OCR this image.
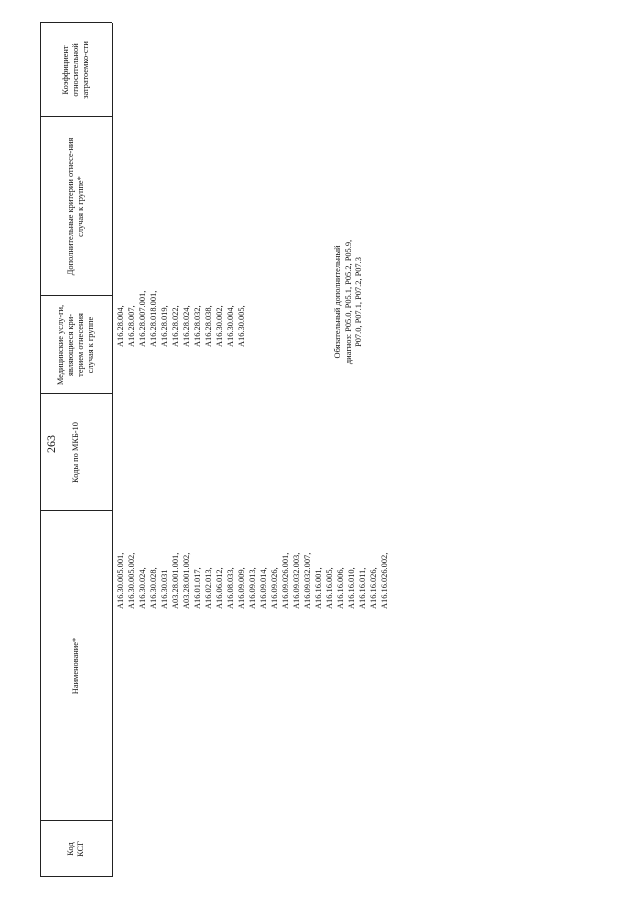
263
Код КСГ
Наименование*
Коды по МКБ-10
Медицинские услу-ги, являющиеся кри-терием отнесения случая к группе
Дополнительные критерии отнесе-ния случая к группе*
Коэффициент относительной затратоемко-сти
A16.28.004, A16.28.007, A16.28.007.001, A16.28.018.001, A16.28.019, A16.28.022, A16.28.024, A16.28.032, A16.28.038, A16.30.002, A16.30.004, A16.30.005,
A16.30.005.001, A16.30.005.002, A16.30.024, A16.30.028, A16.30.031 A03.28.001.001, A03.28.001.002, A16.01.017, A16.02.013, A16.06.012, A16.08.033, A16.09.009, A16.09.013, A16.09.014, A16.09.026, A16.09.026.001, A16.09.032.003, A16.09.032.007, A16.16.001, A16.16.005, A16.16.006, A16.16.010, A16.16.011, A16.16.026, A16.16.026.002,
Обязательный дополнительный диагноз: P05.0, P05.1, P05.2, P05.9, P07.0, P07.1, P07.2, P07.3
